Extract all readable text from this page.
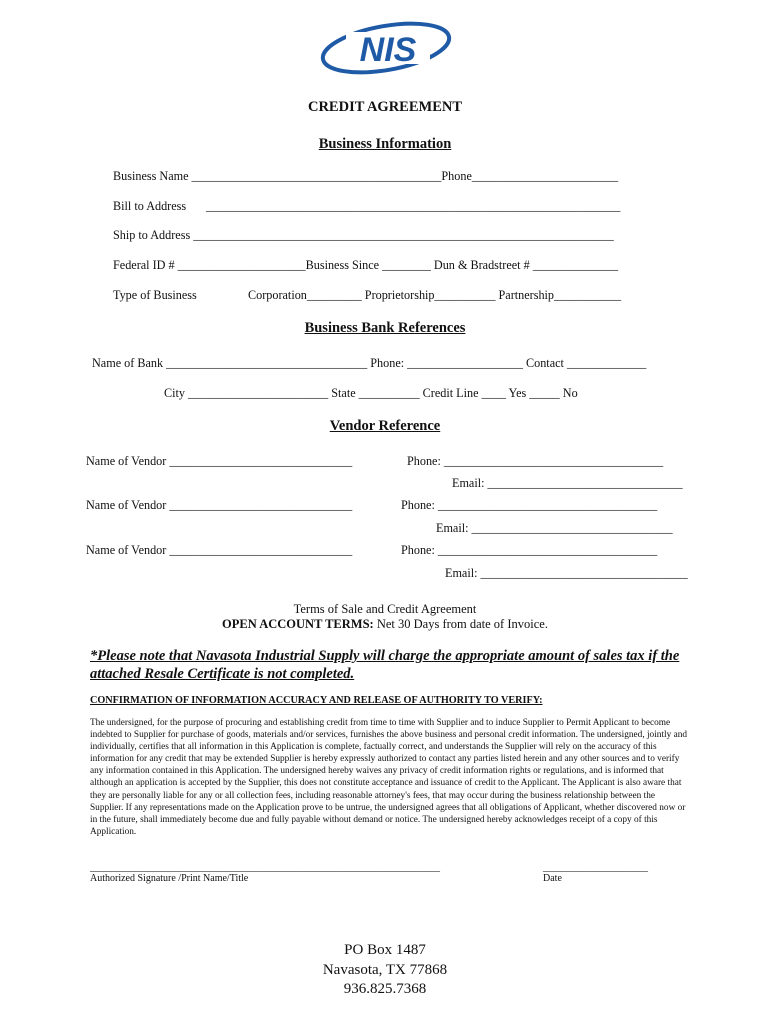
NIS
CREDIT AGREEMENT
Business Information
Business Name _________________________________________Phone________________________
Bill to Address ____________________________________________________________________
Ship to Address _____________________________________________________________________
Federal ID # _____________________Business Since ________ Dun & Bradstreet # ______________
Type of Business	Corporation_________ Proprietorship__________ Partnership___________
Business Bank References
Name of Bank _________________________________ Phone: ___________________ Contact _____________
City _______________________ State __________ Credit Line ____ Yes _____ No
Vendor Reference
Name of Vendor ______________________________	Phone: ____________________________________
Email: ________________________________
Name of Vendor ______________________________	Phone: ____________________________________
Email: _________________________________
Name of Vendor ______________________________	Phone: ____________________________________
Email: __________________________________
Terms of Sale and Credit Agreement
OPEN ACCOUNT TERMS: Net 30 Days from date of Invoice.
*Please note that Navasota Industrial Supply will charge the appropriate amount of sales tax if the attached Resale Certificate is not completed.
CONFIRMATION OF INFORMATION ACCURACY AND RELEASE OF AUTHORITY TO VERIFY:
The undersigned, for the purpose of procuring and establishing credit from time to time with Supplier and to induce Supplier to Permit Applicant to become indebted to Supplier for purchase of goods, materials and/or services, furnishes the above business and personal credit information. The undersigned, jointly and individually, certifies that all information in this Application is complete, factually correct, and understands the Supplier will rely on the accuracy of this information for any credit that may be extended Supplier is hereby expressly authorized to contact any parties listed herein and any other sources and to verify any information contained in this Application. The undersigned hereby waives any privacy of credit information rights or regulations, and is informed that although an application is accepted by the Supplier, this does not constitute acceptance and issuance of credit to the Applicant. The Applicant is also aware that they are personally liable for any or all collection fees, including reasonable attorney's fees, that may occur during the business relationship between the Supplier. If any representations made on the Application prove to be untrue, the undersigned agrees that all obligations of Applicant, whether discovered now or in the future, shall immediately become due and fully payable without demand or notice. The undersigned hereby acknowledges receipt of a copy of this Application.
______________________________________________________________________
Authorized Signature /Print Name/Title
_____________________
Date
PO Box 1487
Navasota, TX 77868
936.825.7368
